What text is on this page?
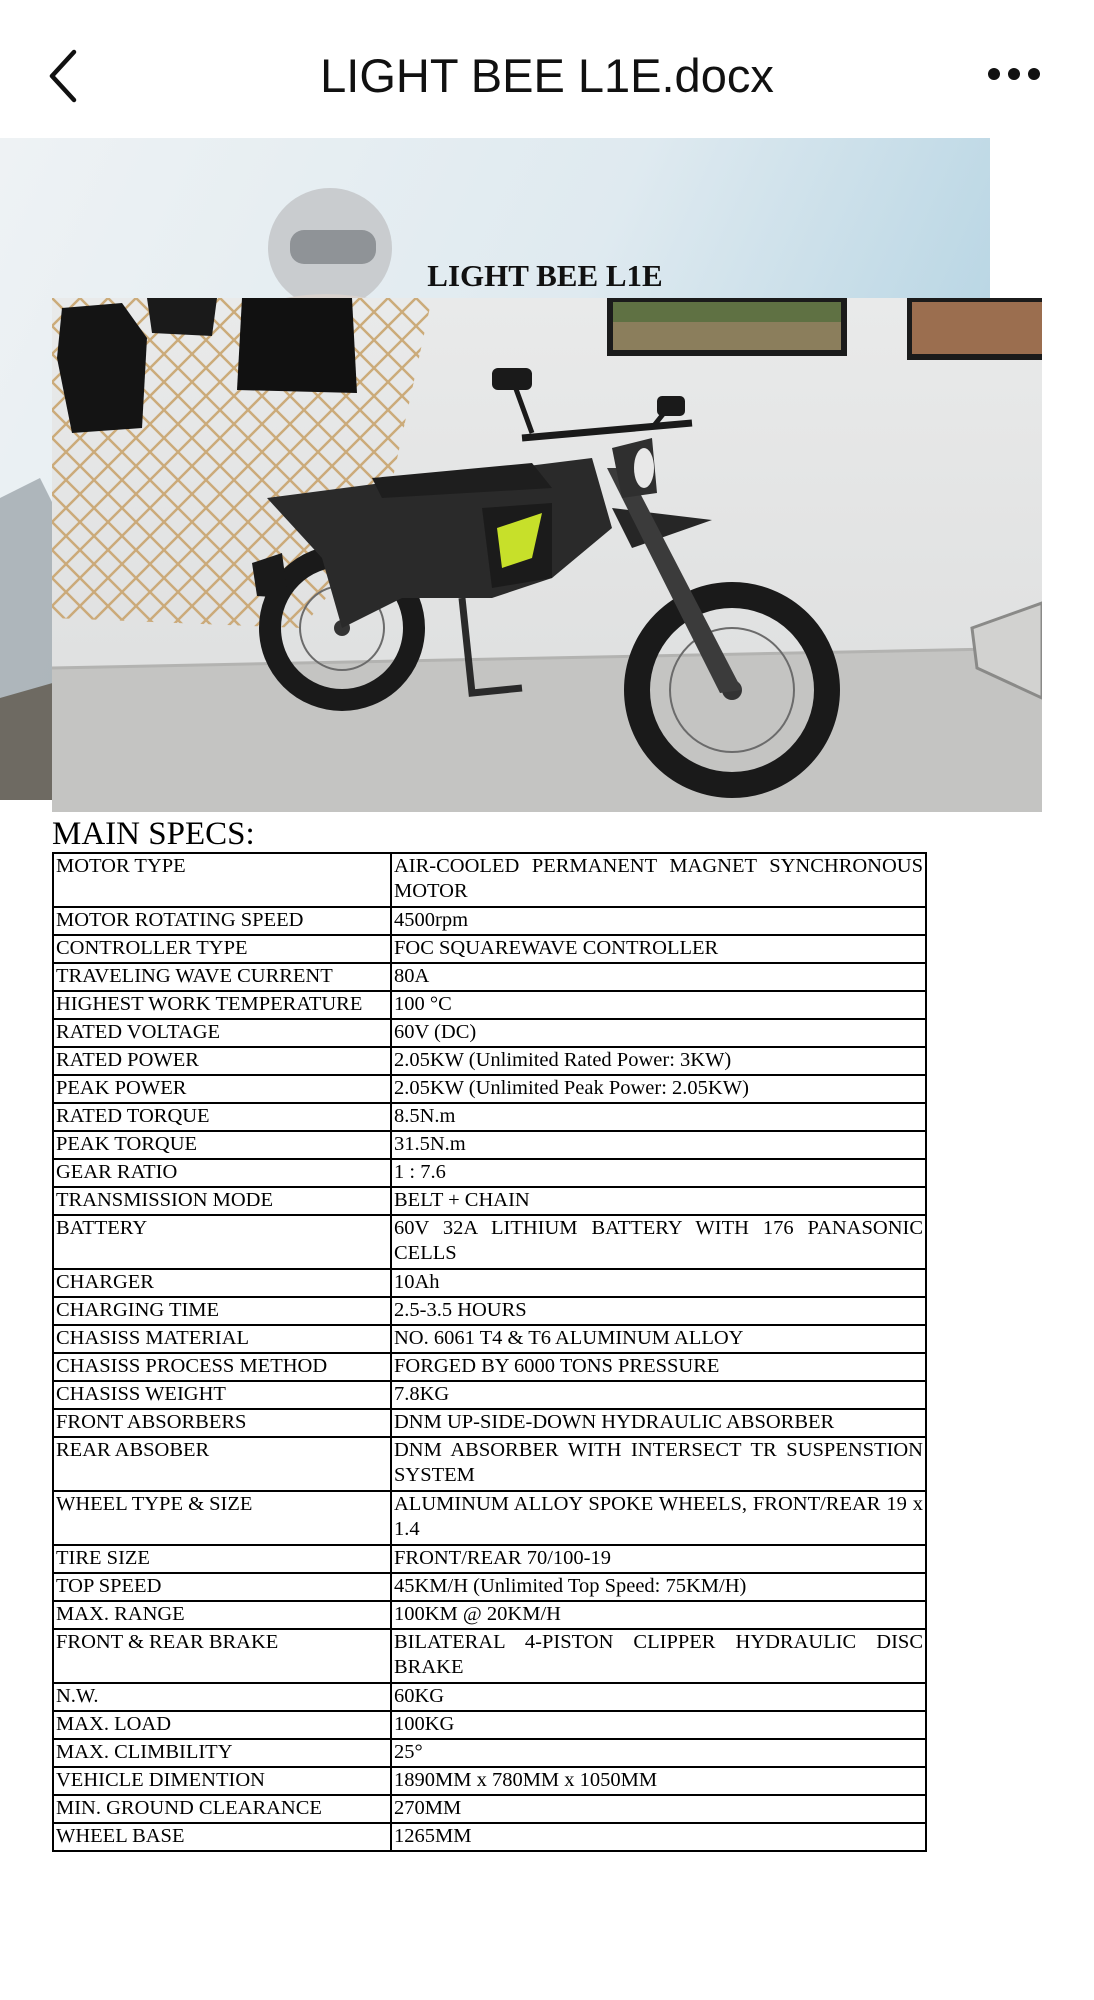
LIGHT BEE L1E.docx
LIGHT BEE L1E
MAIN SPECS:
MOTOR TYPE	AIR-COOLED PERMANENT MAGNET SYNCHRONOUS MOTOR
MOTOR ROTATING SPEED	4500rpm
CONTROLLER TYPE	FOC SQUAREWAVE CONTROLLER
TRAVELING WAVE CURRENT	80A
HIGHEST WORK TEMPERATURE	100 °C
RATED VOLTAGE	60V (DC)
RATED POWER	2.05KW (Unlimited Rated Power: 3KW)
PEAK POWER	2.05KW (Unlimited Peak Power: 2.05KW)
RATED TORQUE	8.5N.m
PEAK TORQUE	31.5N.m
GEAR RATIO	1 : 7.6
TRANSMISSION MODE	BELT + CHAIN
BATTERY	60V 32A LITHIUM BATTERY WITH 176 PANASONIC CELLS
CHARGER	10Ah
CHARGING TIME	2.5-3.5 HOURS
CHASISS MATERIAL	NO. 6061 T4 & T6 ALUMINUM ALLOY
CHASISS PROCESS METHOD	FORGED BY 6000 TONS PRESSURE
CHASISS WEIGHT	7.8KG
FRONT ABSORBERS	DNM UP-SIDE-DOWN HYDRAULIC ABSORBER
REAR ABSOBER	DNM ABSORBER WITH INTERSECT TR SUSPENSTION SYSTEM
WHEEL TYPE & SIZE	ALUMINUM ALLOY SPOKE WHEELS, FRONT/REAR 19 x 1.4
TIRE SIZE	FRONT/REAR 70/100-19
TOP SPEED	45KM/H (Unlimited Top Speed: 75KM/H)
MAX. RANGE	100KM @ 20KM/H
FRONT & REAR BRAKE	BILATERAL 4-PISTON CLIPPER HYDRAULIC DISC BRAKE
N.W.	60KG
MAX. LOAD	100KG
MAX. CLIMBILITY	25°
VEHICLE DIMENTION	1890MM x 780MM x 1050MM
MIN. GROUND CLEARANCE	270MM
WHEEL BASE	1265MM
